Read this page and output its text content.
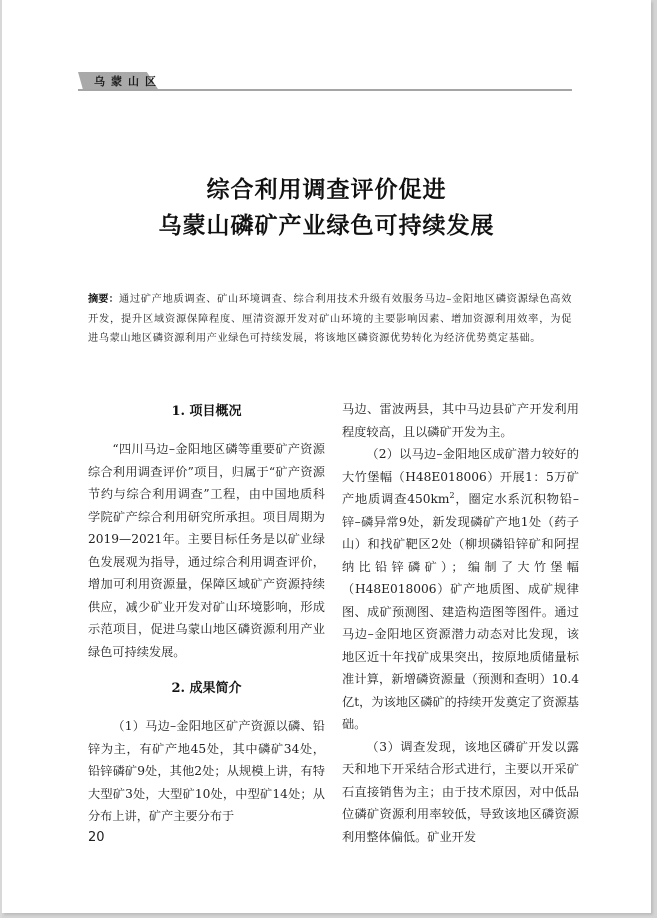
乌蒙山区
综合利用调查评价促进
乌蒙山磷矿产业绿色可持续发展
摘要：通过矿产地质调查、矿山环境调查、综合利用技术升级有效服务马边–金阳地区磷资源绿色高效开发，提升区域资源保障程度、厘清资源开发对矿山环境的主要影响因素、增加资源利用效率，为促进乌蒙山地区磷资源利用产业绿色可持续发展，将该地区磷资源优势转化为经济优势奠定基础。
1. 项目概况

“四川马边–金阳地区磷等重要矿产资源综合利用调查评价”项目，归属于“矿产资源节约与综合利用调查”工程，由中国地质科学院矿产综合利用研究所承担。项目周期为2019—2021年。主要目标任务是以矿业绿色发展观为指导，通过综合利用调查评价，增加可利用资源量，保障区域矿产资源持续供应，减少矿业开发对矿山环境影响，形成示范项目，促进乌蒙山地区磷资源利用产业绿色可持续发展。

2. 成果简介

（1）马边–金阳地区矿产资源以磷、铅锌为主，有矿产地45处，其中磷矿34处，铅锌磷矿9处，其他2处；从规模上讲，有特大型矿3处，大型矿10处，中型矿14处；从分布上讲，矿产主要分布于

马边、雷波两县，其中马边县矿产开发利用程度较高，且以磷矿开发为主。

（2）以马边–金阳地区成矿潜力较好的大竹堡幅（H48E018006）开展1：5万矿产地质调查$450km^2$，圈定水系沉积物铅–锌–磷异常9处，新发现磷矿产地1处（药子山）和找矿靶区2处（柳坝磷铅锌矿和阿捏纳比铅锌磷矿）；编制了大竹堡幅（H48E018006）矿产地质图、成矿规律图、成矿预测图、建造构造图等图件。通过马边–金阳地区资源潜力动态对比发现，该地区近十年找矿成果突出，按原地质储量标准计算，新增磷资源量（预测和查明）10.4亿t，为该地区磷矿的持续开发奠定了资源基础。

（3）调查发现，该地区磷矿开发以露天和地下开采结合形式进行，主要以开采矿石直接销售为主；由于技术原因，对中低品位磷矿资源利用率较低，导致该地区磷资源利用整体偏低。矿业开发

20
